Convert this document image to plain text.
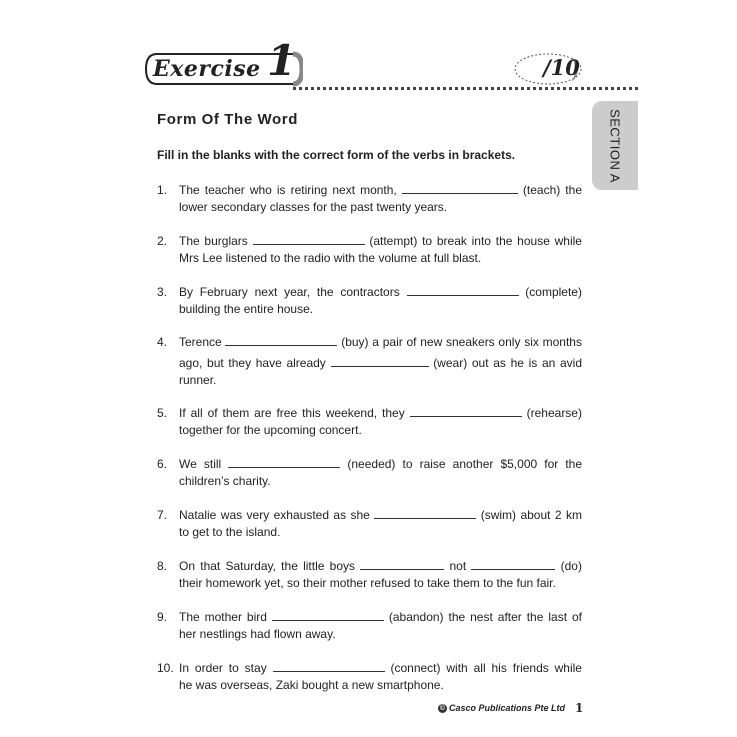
Exercise 1	/10
SECTION A
Form Of The Word
Fill in the blanks with the correct form of the verbs in brackets.
1. The teacher who is retiring next month,	(teach) the
lower secondary classes for the past twenty years.
2. The burglars	(attempt) to break into the house while
Mrs Lee listened to the radio with the volume at full blast.
3. By February next year, the contractors	(complete)
building the entire house.
4. Terence	(buy) a pair of new sneakers only six months
ago, but they have already	(wear) out as he is an avid
runner.
5. If all of them are free this weekend, they	(rehearse)
together for the upcoming concert.
6. We still	(needed) to raise another $5,000 for the
children’s charity.
7. Natalie was very exhausted as she	(swim) about 2 km
to get to the island.
8. On that Saturday, the little boys	not	(do)
their homework yet, so their mother refused to take them to the fun fair.
9. The mother bird	(abandon) the nest after the last of
her nestlings had flown away.
10. In order to stay	(connect) with all his friends while
he was overseas, Zaki bought a new smartphone.
© Casco Publications Pte Ltd 1
